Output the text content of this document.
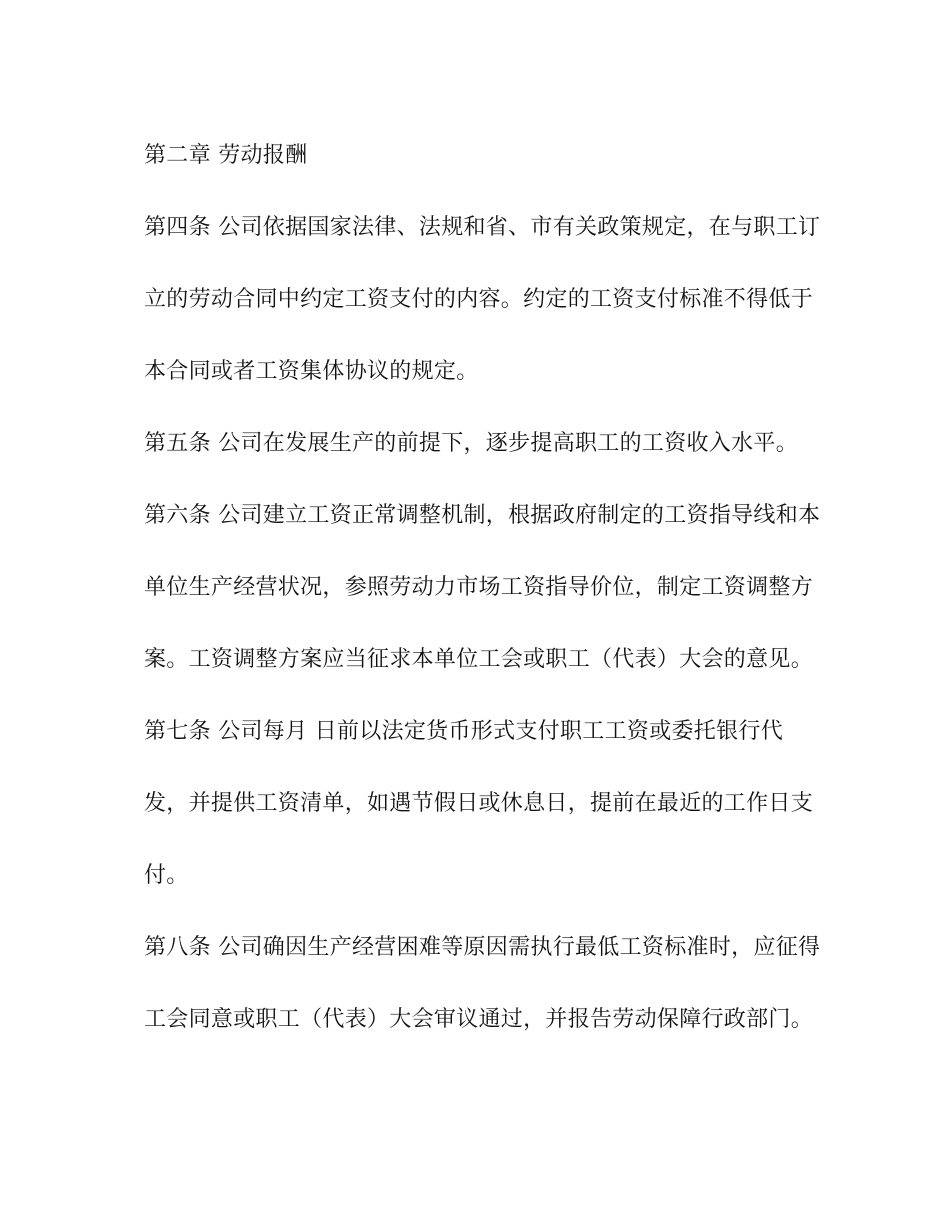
第二章 劳动报酬
第四条 公司依据国家法律、法规和省、市有关政策规定，在与职工订
立的劳动合同中约定工资支付的内容。约定的工资支付标准不得低于
本合同或者工资集体协议的规定。
第五条 公司在发展生产的前提下，逐步提高职工的工资收入水平。
第六条 公司建立工资正常调整机制，根据政府制定的工资指导线和本
单位生产经营状况，参照劳动力市场工资指导价位，制定工资调整方
案。工资调整方案应当征求本单位工会或职工（代表）大会的意见。
第七条 公司每月 日前以法定货币形式支付职工工资或委托银行代
发，并提供工资清单，如遇节假日或休息日，提前在最近的工作日支
付。
第八条 公司确因生产经营困难等原因需执行最低工资标准时，应征得
工会同意或职工（代表）大会审议通过，并报告劳动保障行政部门。
